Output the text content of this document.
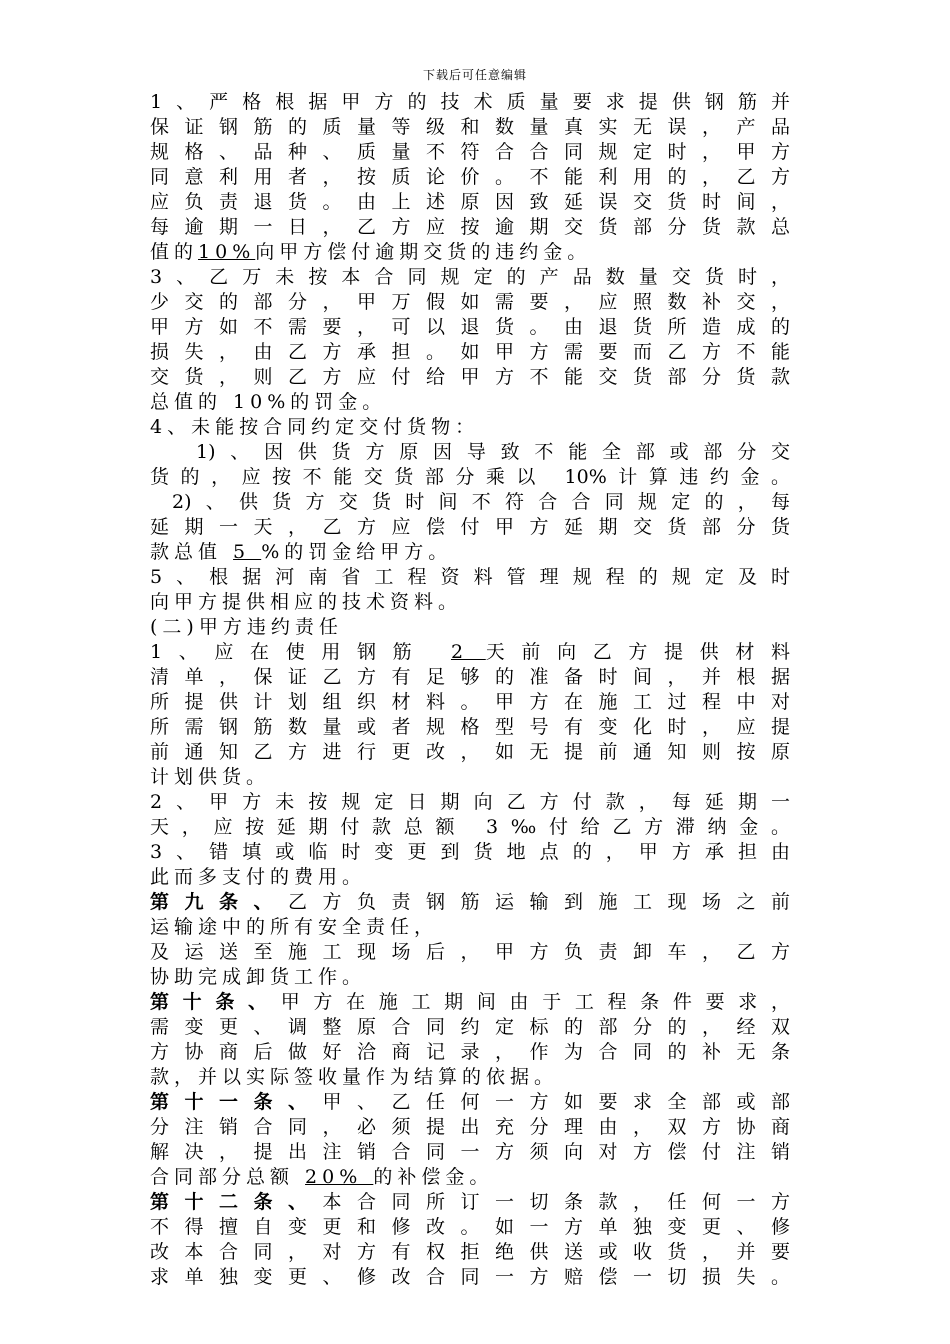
下载后可任意编辑
1、严格根据甲方的技术质量要求提供钢筋并
保证钢筋的质量等级和数量真实无误，产品
规格、品种、质量不符合合同规定时，甲方
同意利用者，按质论价。不能利用的，乙方
应负责退货。由上述原因致延误交货时间，
每逾期一日，乙方应按逾期交货部分货款总
值的10%向甲方偿付逾期交货的违约金。
3、乙万未按本合同规定的产品数量交货时，
少交的部分，甲万假如需要，应照数补交，
甲方如不需要，可以退货。由退货所造成的
损失，由乙方承担。如甲方需要而乙方不能
交货，则乙方应付给甲方不能交货部分货款
总值的 10%的罚金。
4、未能按合同约定交付货物：
1)、因供货方原因导致不能全部或部分交
货的，应按不能交货部分乘以 10%计算违约金。
2)、供货方交货时间不符合合同规定的，每
延期一天，乙方应偿付甲方延期交货部分货
款总值 5 %的罚金给甲方。
5、根据河南省工程资料管理规程的规定及时
向甲方提供相应的技术资料。
(二)甲方违约责任
1、应在使用钢筋 2 天前向乙方提供材料
清单，保证乙方有足够的准备时间，并根据
所提供计划组织材料。甲方在施工过程中对
所需钢筋数量或者规格型号有变化时，应提
前通知乙方进行更改，如无提前通知则按原
计划供货。
2、甲方未按规定日期向乙方付款，每延期一
天，应按延期付款总额 3‰付给乙方滞纳金。
3、错填或临时变更到货地点的，甲方承担由
此而多支付的费用。
第九条、乙方负责钢筋运输到施工现场之前
运输途中的所有安全责任，
及运送至施工现场后，甲方负责卸车，乙方
协助完成卸货工作。
第十条、甲方在施工期间由于工程条件要求，
需变更、调整原合同约定标的部分的，经双
方协商后做好洽商记录，作为合同的补无条
款，并以实际签收量作为结算的依据。
第十一条、甲、乙任何一方如要求全部或部
分注销合同，必须提出充分理由，双方协商
解决，提出注销合同一方须向对方偿付注销
合同部分总额 20% 的补偿金。
第十二条、本合同所订一切条款，任何一方
不得擅自变更和修改。如一方单独变更、修
改本合同，对方有权拒绝供送或收货，并要
求单独变更、修改合同一方赔偿一切损失。
